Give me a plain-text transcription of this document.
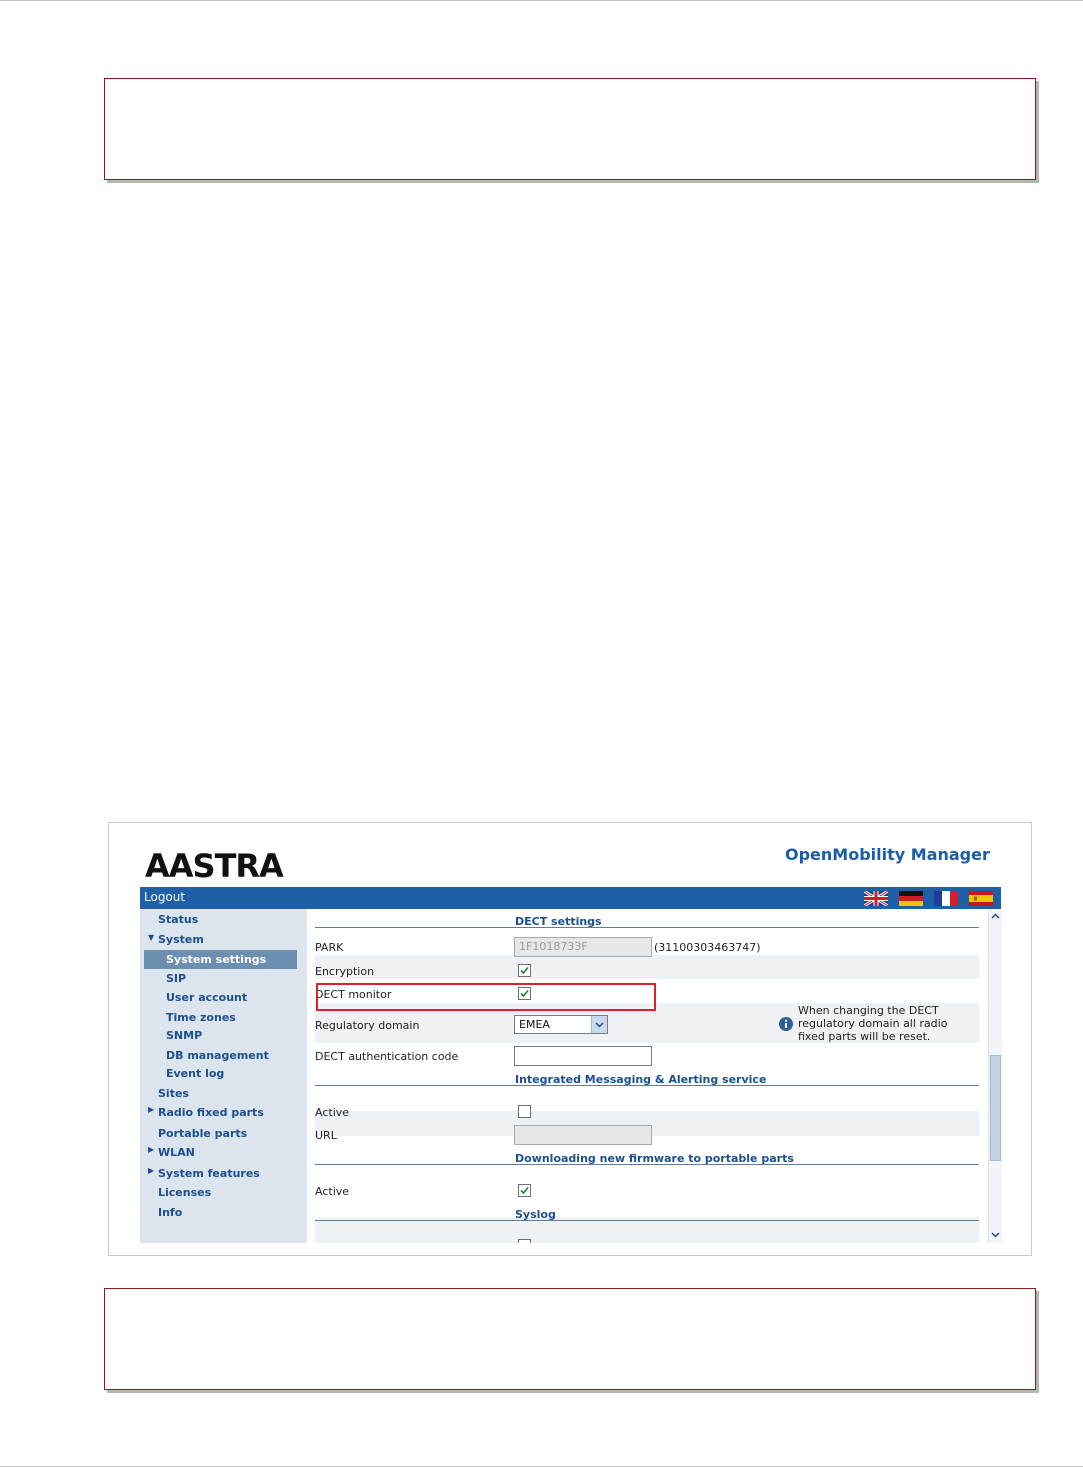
AASTRA	OpenMobility Manager
Logout
Status
▼ System
System settings
SIP
User account
Time zones
SNMP
DB management
Event log
Sites
▶ Radio fixed parts
Portable parts
▶ WLAN
▶ System features
Licenses
Info
DECT settings
PARK	1F1018733F	(31100303463747)
Encryption
DECT monitor
Regulatory domain	EMEA
When changing the DECT regulatory domain all radio fixed parts will be reset.
DECT authentication code
Integrated Messaging & Alerting service
Active
URL
Downloading new firmware to portable parts
Active
Syslog
